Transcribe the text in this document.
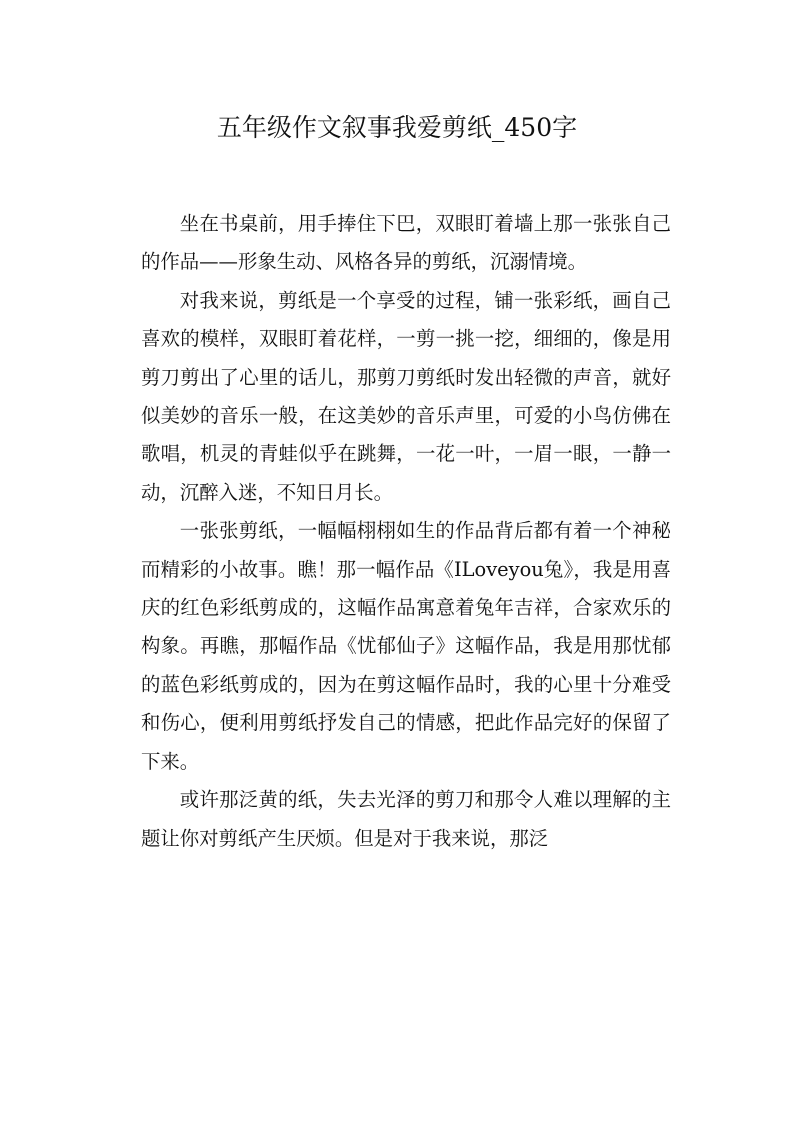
五年级作文叙事我爱剪纸_450字

坐在书桌前，用手捧住下巴，双眼盯着墙上那一张张自己的作品——形象生动、风格各异的剪纸，沉溺情境。

对我来说，剪纸是一个享受的过程，铺一张彩纸，画自己喜欢的模样，双眼盯着花样，一剪一挑一挖，细细的，像是用剪刀剪出了心里的话儿，那剪刀剪纸时发出轻微的声音，就好似美妙的音乐一般，在这美妙的音乐声里，可爱的小鸟仿佛在歌唱，机灵的青蛙似乎在跳舞，一花一叶，一眉一眼，一静一动，沉醉入迷，不知日月长。

一张张剪纸，一幅幅栩栩如生的作品背后都有着一个神秘而精彩的小故事。瞧！那一幅作品《ILoveyou兔》，我是用喜庆的红色彩纸剪成的，这幅作品寓意着兔年吉祥，合家欢乐的构象。再瞧，那幅作品《忧郁仙子》这幅作品，我是用那忧郁的蓝色彩纸剪成的，因为在剪这幅作品时，我的心里十分难受和伤心，便利用剪纸抒发自己的情感，把此作品完好的保留了下来。

或许那泛黄的纸，失去光泽的剪刀和那令人难以理解的主题让你对剪纸产生厌烦。但是对于我来说，那泛
